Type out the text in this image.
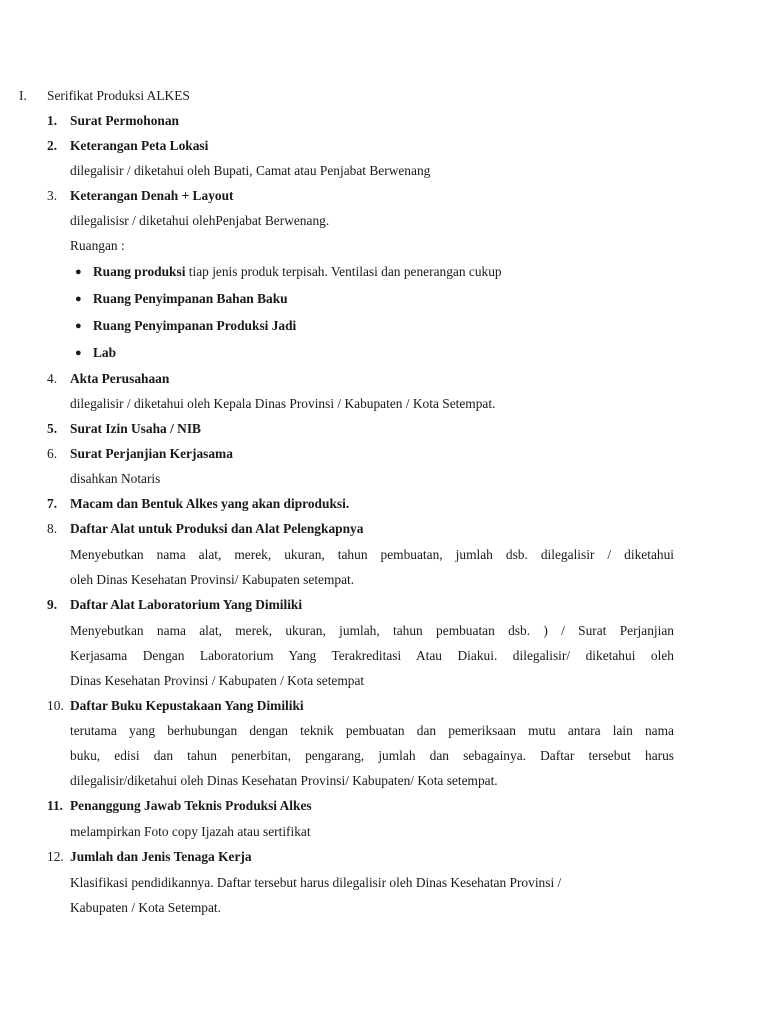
I. Serifikat Produksi ALKES
1. Surat Permohonan
2. Keterangan Peta Lokasi
dilegalisir / diketahui oleh Bupati, Camat atau Penjabat Berwenang
3. Keterangan Denah + Layout
dilegalisisr / diketahui olehPenjabat Berwenang.
Ruangan :
● Ruang produksi tiap jenis produk terpisah. Ventilasi dan penerangan cukup
● Ruang Penyimpanan Bahan Baku
● Ruang Penyimpanan Produksi Jadi
● Lab
4. Akta Perusahaan
dilegalisir / diketahui oleh Kepala Dinas Provinsi / Kabupaten / Kota Setempat.
5. Surat Izin Usaha / NIB
6. Surat Perjanjian Kerjasama
disahkan Notaris
7. Macam dan Bentuk Alkes yang akan diproduksi.
8. Daftar Alat untuk Produksi dan Alat Pelengkapnya
Menyebutkan nama alat, merek, ukuran, tahun pembuatan, jumlah dsb. dilegalisir / diketahui
oleh Dinas Kesehatan Provinsi/ Kabupaten setempat.
9. Daftar Alat Laboratorium Yang Dimiliki
Menyebutkan nama alat, merek, ukuran, jumlah, tahun pembuatan dsb. ) / Surat Perjanjian
Kerjasama Dengan Laboratorium Yang Terakreditasi Atau Diakui. dilegalisir/ diketahui oleh
Dinas Kesehatan Provinsi / Kabupaten / Kota setempat
10. Daftar Buku Kepustakaan Yang Dimiliki
terutama yang berhubungan dengan teknik pembuatan dan pemeriksaan mutu antara lain nama
buku, edisi dan tahun penerbitan, pengarang, jumlah dan sebagainya. Daftar tersebut harus
dilegalisir/diketahui oleh Dinas Kesehatan Provinsi/ Kabupaten/ Kota setempat.
11. Penanggung Jawab Teknis Produksi Alkes
melampirkan Foto copy Ijazah atau sertifikat
12. Jumlah dan Jenis Tenaga Kerja
Klasifikasi pendidikannya. Daftar tersebut harus dilegalisir oleh Dinas Kesehatan Provinsi /
Kabupaten / Kota Setempat.
